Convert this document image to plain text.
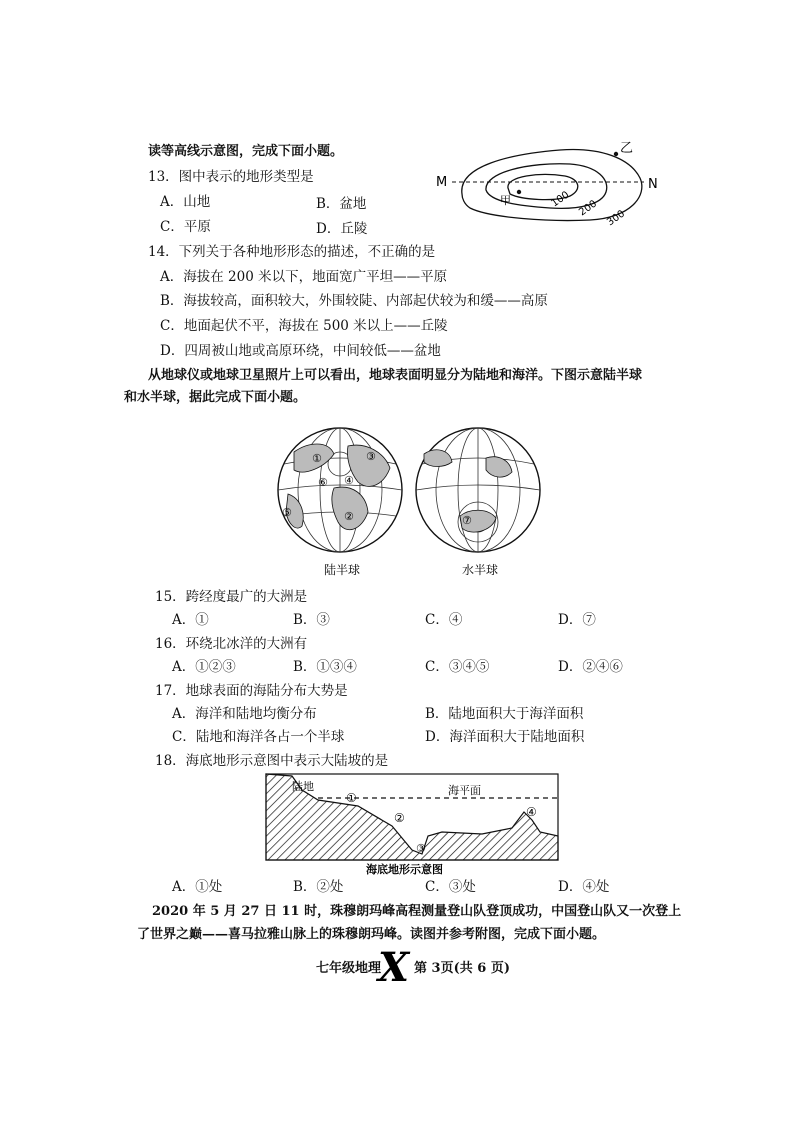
读等高线示意图，完成下面小题。
13．图中表示的地形类型是
A．山地	B．盆地
C．平原	D．丘陵
M	N
乙
甲	100 200
300
14．下列关于各种地形形态的描述，不正确的是
A．海拔在 200 米以下，地面宽广平坦——平原
B．海拔较高，面积较大，外围较陡、内部起伏较为和缓——高原
C．地面起伏不平，海拔在 500 米以上——丘陵
D．四周被山地或高原环绕，中间较低——盆地
从地球仪或地球卫星照片上可以看出，地球表面明显分为陆地和海洋。下图示意陆半球
和水半球，据此完成下面小题。
①	③
④
⑥
②
⑤
⑦
陆半球	水半球
15．跨经度最广的大洲是
A．①	B．③	C．④	D．⑦
16．环绕北冰洋的大洲有
A．①②③	B．①③④	C．③④⑤	D．②④⑥
17．地球表面的海陆分布大势是
A．海洋和陆地均衡分布	B．陆地面积大于海洋面积
C．陆地和海洋各占一个半球	D．海洋面积大于陆地面积
18．海底地形示意图中表示大陆坡的是
陆地	海平面
①
②
③
④
海底地形示意图
A．①处	B．②处	C．③处	D．④处
2020 年 5 月 27 日 11 时，珠穆朗玛峰高程测量登山队登顶成功，中国登山队又一次登上
了世界之巅——喜马拉雅山脉上的珠穆朗玛峰。读图并参考附图，完成下面小题。
七年级地理
X 第 3页(共 6 页)
